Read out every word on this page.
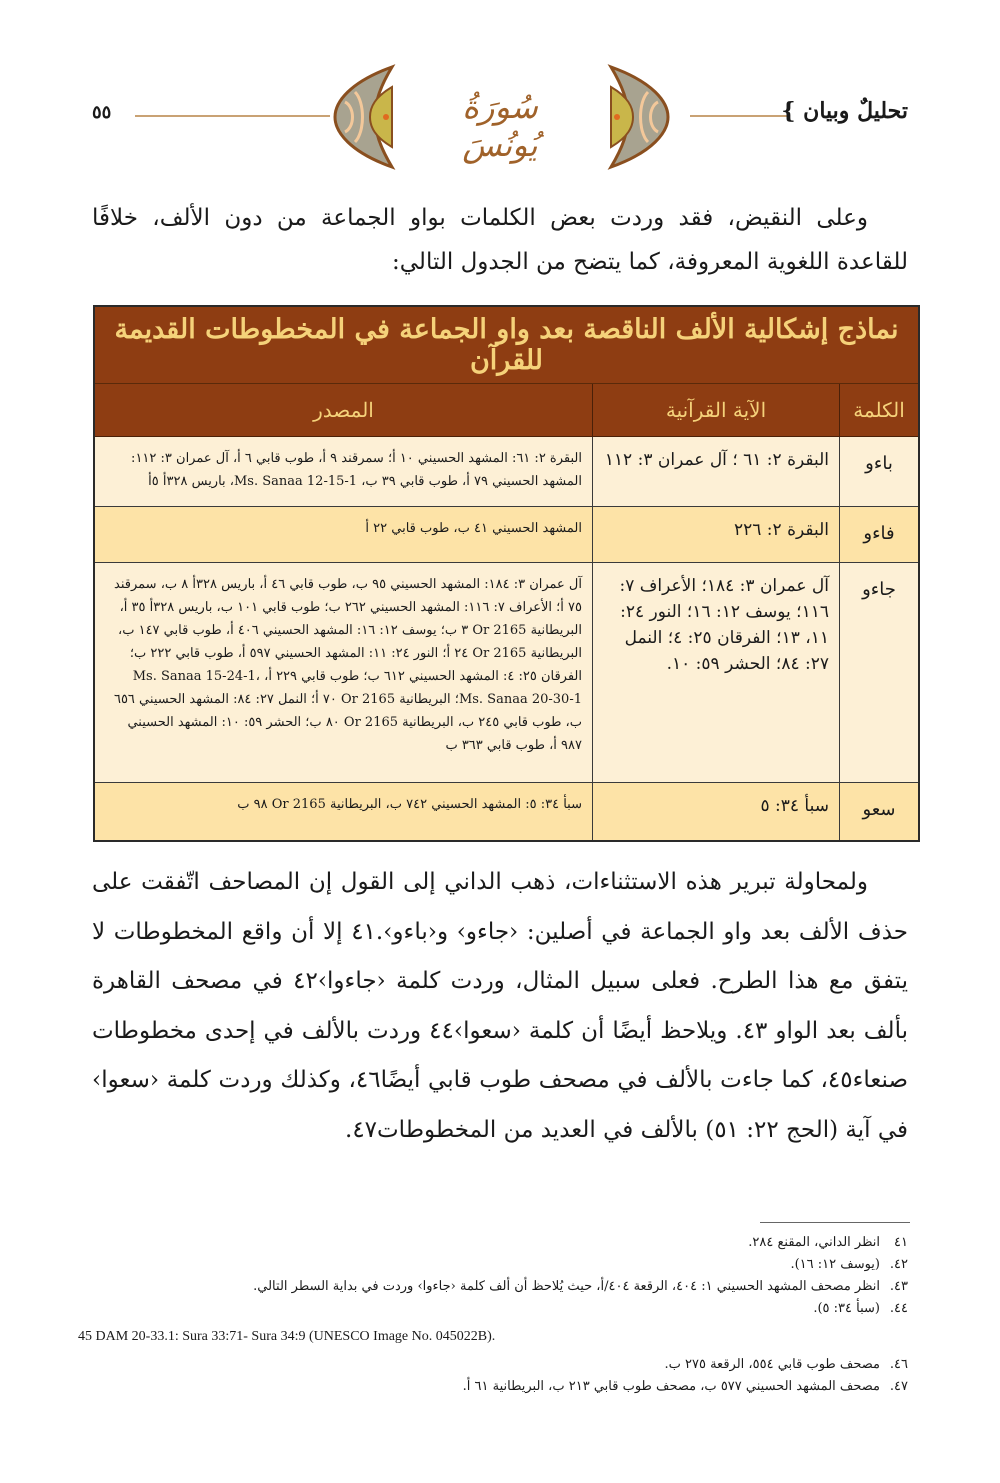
٥٥	سُورَةُ يُونُسَ
تحليلٌ وبيان }

وعلى النقيض، فقد وردت بعض الكلمات بواو الجماعة من دون الألف، خلافًا للقاعدة اللغوية المعروفة، كما يتضح من الجدول التالي:

نماذج إشكالية الألف الناقصة بعد واو الجماعة في المخطوطات القديمة للقرآن		
الكلمة	الآية القرآنية	المصدر
باءو	البقرة ٢: ٦١ ؛ آل عمران ٣: ١١٢	البقرة ٢: ٦١: المشهد الحسيني ١٠ أ؛ سمرقند ٩ أ، طوب قابي ٦ أ، آل عمران ٣: ١١٢: المشهد الحسيني ٧٩ أ، طوب قابي ٣٩ ب، Ms. Sanaa 12-15-1، باريس ٣٢٨أ ٥أ
فاءو	البقرة ٢: ٢٢٦	المشهد الحسيني ٤١ ب، طوب قابي ٢٢ أ
جاءو	آل عمران ٣: ١٨٤؛ الأعراف ٧: ١١٦؛ يوسف ١٢: ١٦؛ النور ٢٤: ١١، ١٣؛ الفرقان ٢٥: ٤؛ النمل ٢٧: ٨٤؛ الحشر ٥٩: ١٠.	آل عمران ٣: ١٨٤: المشهد الحسيني ٩٥ ب، طوب قابي ٤٦ أ، باريس ٣٢٨أ ٨ ب، سمرقند ٧٥ أ؛ الأعراف ٧: ١١٦: المشهد الحسيني ٢٦٢ ب؛ طوب قابي ١٠١ ب، باريس ٣٢٨أ ٣٥ أ، البريطانية Or 2165 ٣ ب؛ يوسف ١٢: ١٦: المشهد الحسيني ٤٠٦ أ، طوب قابي ١٤٧ ب، البريطانية Or 2165 ٢٤ أ؛ النور ٢٤: ١١: المشهد الحسيني ٥٩٧ أ، طوب قابي ٢٢٢ ب؛ الفرقان ٢٥: ٤: المشهد الحسيني ٦١٢ ب؛ طوب قابي ٢٢٩ أ، Ms. Sanaa 15-24-1، Ms. Sanaa 20-30-1؛ البريطانية Or 2165 ٧٠ أ؛ النمل ٢٧: ٨٤: المشهد الحسيني ٦٥٦ ب، طوب قابي ٢٤٥ ب، البريطانية Or 2165 ٨٠ ب؛ الحشر ٥٩: ١٠: المشهد الحسيني ٩٨٧ أ، طوب قابي ٣٦٣ ب
سعو	سبأ ٣٤: ٥	سبأ ٣٤: ٥: المشهد الحسيني ٧٤٢ ب، البريطانية Or 2165 ٩٨ ب

ولمحاولة تبرير هذه الاستثناءات، ذهب الداني إلى القول إن المصاحف اتّفقت على حذف الألف بعد واو الجماعة في أصلين: ‹جاءو› و‹باءو›.٤١ إلا أن واقع المخطوطات لا يتفق مع هذا الطرح. فعلى سبيل المثال، وردت كلمة ‹جاءوا›٤٢ في مصحف القاهرة بألف بعد الواو ٤٣. ويلاحظ أيضًا أن كلمة ‹سعوا›٤٤ وردت بالألف في إحدى مخطوطات صنعاء٤٥، كما جاءت بالألف في مصحف طوب قابي أيضًا٤٦، وكذلك وردت كلمة ‹سعوا› في آية (الحج ٢٢: ٥١) بالألف في العديد من المخطوطات٤٧.

٤١انظر الداني، المقنع ٢٨٤.
٤٢.(يوسف ١٢: ١٦).
٤٣.انظر مصحف المشهد الحسيني ١: ٤٠٤، الرقعة ٤٠٤/أ، حيث يُلاحظ أن ألف كلمة ‹جاءوا› وردت في بداية السطر التالي.
٤٤.(سبأ ٣٤: ٥).
45 DAM 20-33.1: Sura 33:71- Sura 34:9 (UNESCO Image No. 045022B).
٤٦.مصحف طوب قابي ٥٥٤، الرقعة ٢٧٥ ب.
٤٧.مصحف المشهد الحسيني ٥٧٧ ب، مصحف طوب قابي ٢١٣ ب، البريطانية ٦١ أ.
